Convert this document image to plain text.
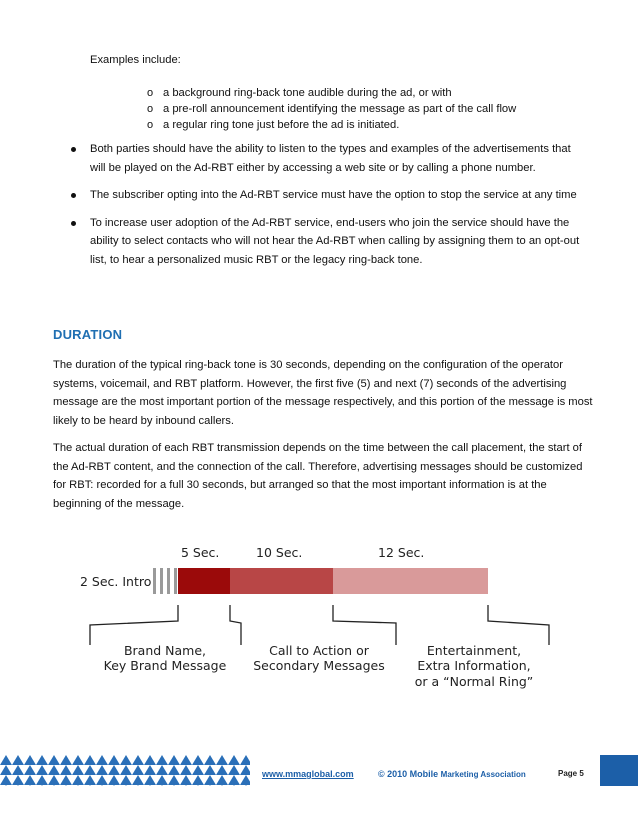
Examples include:
o a background ring-back tone audible during the ad, or with
o a pre-roll announcement identifying the message as part of the call flow
o a regular ring tone just before the ad is initiated.
Both parties should have the ability to listen to the types and examples of the advertisements that will be played on the Ad-RBT either by accessing a web site or by calling a phone number.
The subscriber opting into the Ad-RBT service must have the option to stop the service at any time
To increase user adoption of the Ad-RBT service, end-users who join the service should have the ability to select contacts who will not hear the Ad-RBT when calling by assigning them to an opt-out list, to hear a personalized music RBT or the legacy ring-back tone.
DURATION

The duration of the typical ring-back tone is 30 seconds, depending on the configuration of the operator systems, voicemail, and RBT platform. However, the first five (5) and next (7) seconds of the advertising message are the most important portion of the message respectively, and this portion of the message is most likely to be heard by inbound callers.

The actual duration of each RBT transmission depends on the time between the call placement, the start of the Ad-RBT content, and the connection of the call. Therefore, advertising messages should be customized for RBT: recorded for a full 30 seconds, but arranged so that the most important information is at the beginning of the message.

5 Sec.	10 Sec.	12 Sec.
2 Sec. Intro
Brand Name,
Key Brand Message
Call to Action or
Secondary Messages
Entertainment,
Extra Information,
or a “Normal Ring”
www.mmaglobal.com	© 2010 Mobile Marketing Association	Page 5
